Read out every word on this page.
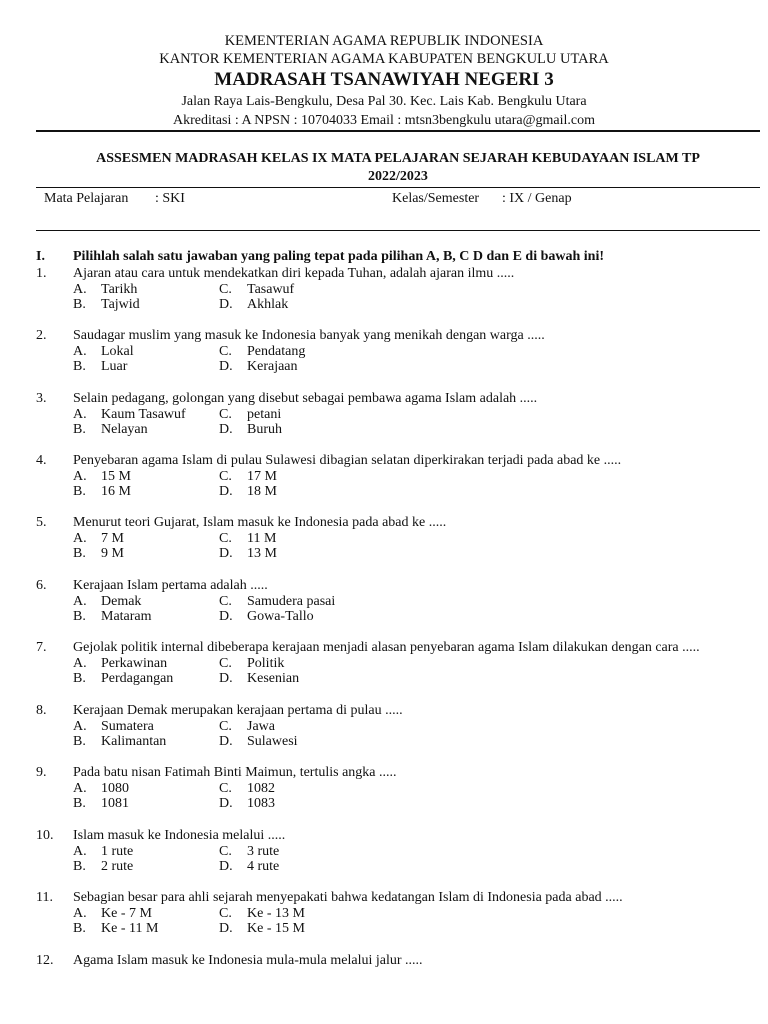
KEMENTERIAN AGAMA REPUBLIK INDONESIA
KANTOR KEMENTERIAN AGAMA KABUPATEN BENGKULU UTARA
MADRASAH TSANAWIYAH NEGERI 3
Jalan Raya Lais-Bengkulu, Desa Pal 30. Kec. Lais Kab. Bengkulu Utara
Akreditasi : A NPSN : 10704033 Email : mtsn3bengkulu utara@gmail.com
ASSESMEN MADRASAH KELAS IX MATA PELAJARAN SEJARAH KEBUDAYAAN ISLAM TP
2022/2023
Mata Pelajaran : SKI	Kelas/Semester : IX / Genap
I. Pilihlah salah satu jawaban yang paling tepat pada pilihan A, B, C D dan E di bawah ini!
1. Ajaran atau cara untuk mendekatkan diri kepada Tuhan, adalah ajaran ilmu .....
A. Tarikh	C. Tasawuf
B. Tajwid	D. Akhlak
2. Saudagar muslim yang masuk ke Indonesia banyak yang menikah dengan warga .....
A. Lokal	C. Pendatang
B. Luar	D. Kerajaan
3. Selain pedagang, golongan yang disebut sebagai pembawa agama Islam adalah .....
A. Kaum Tasawuf C. petani
B. Nelayan	D. Buruh
4. Penyebaran agama Islam di pulau Sulawesi dibagian selatan diperkirakan terjadi pada abad ke .....
A. 15 M	C. 17 M
B. 16 M	D. 18 M
5. Menurut teori Gujarat, Islam masuk ke Indonesia pada abad ke .....
A. 7 M	C. 11 M
B. 9 M	D. 13 M
6. Kerajaan Islam pertama adalah .....
A. Demak	C. Samudera pasai
B. Mataram	D. Gowa-Tallo
7. Gejolak politik internal dibeberapa kerajaan menjadi alasan penyebaran agama Islam dilakukan dengan cara .....
A. Perkawinan	C. Politik
B. Perdagangan	D. Kesenian
8. Kerajaan Demak merupakan kerajaan pertama di pulau .....
A. Sumatera	C. Jawa
B. Kalimantan	D. Sulawesi
9. Pada batu nisan Fatimah Binti Maimun, tertulis angka .....
A. 1080	C. 1082
B. 1081	D. 1083
10. Islam masuk ke Indonesia melalui .....
A. 1 rute	C. 3 rute
B. 2 rute	D. 4 rute
11. Sebagian besar para ahli sejarah menyepakati bahwa kedatangan Islam di Indonesia pada abad .....
A. Ke - 7 M	C. Ke - 13 M
B. Ke - 11 M	D. Ke - 15 M
12. Agama Islam masuk ke Indonesia mula-mula melalui jalur .....
